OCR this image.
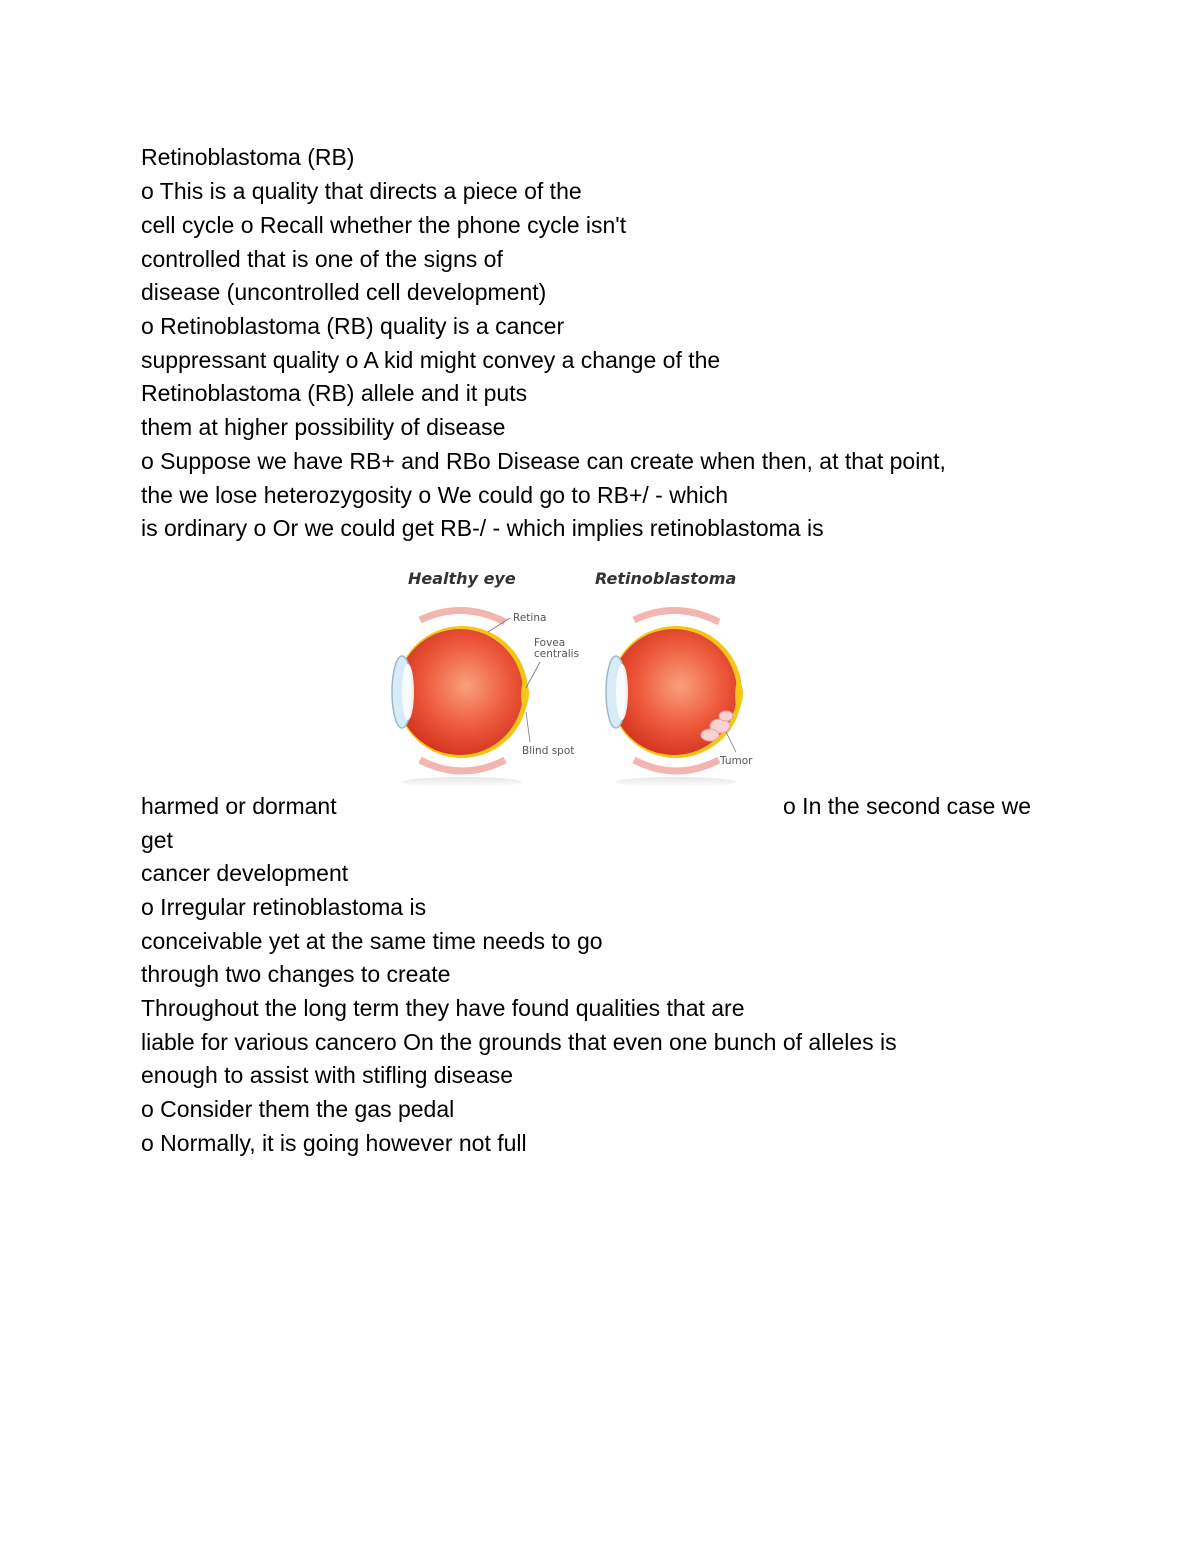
Retinoblastoma (RB)
o This is a quality that directs a piece of the
cell cycle o Recall whether the phone cycle isn't
controlled that is one of the signs of
disease (uncontrolled cell development)
o Retinoblastoma (RB) quality is a cancer
suppressant quality o A kid might convey a change of the
Retinoblastoma (RB) allele and it puts
them at higher possibility of disease
o Suppose we have RB+ and RBo Disease can create when then, at that point,
the we lose heterozygosity o We could go to RB+/ - which
is ordinary o Or we could get RB-/ - which implies retinoblastoma is
Healthy eye	Retinoblastoma
Retina
Fovea
centralis
Blind spot
Tumor
harmed or dormant	o In the second case we
get
cancer development
o Irregular retinoblastoma is
conceivable yet at the same time needs to go
through two changes to create
Throughout the long term they have found qualities that are
liable for various cancero On the grounds that even one bunch of alleles is
enough to assist with stifling disease
o Consider them the gas pedal
o Normally, it is going however not full
